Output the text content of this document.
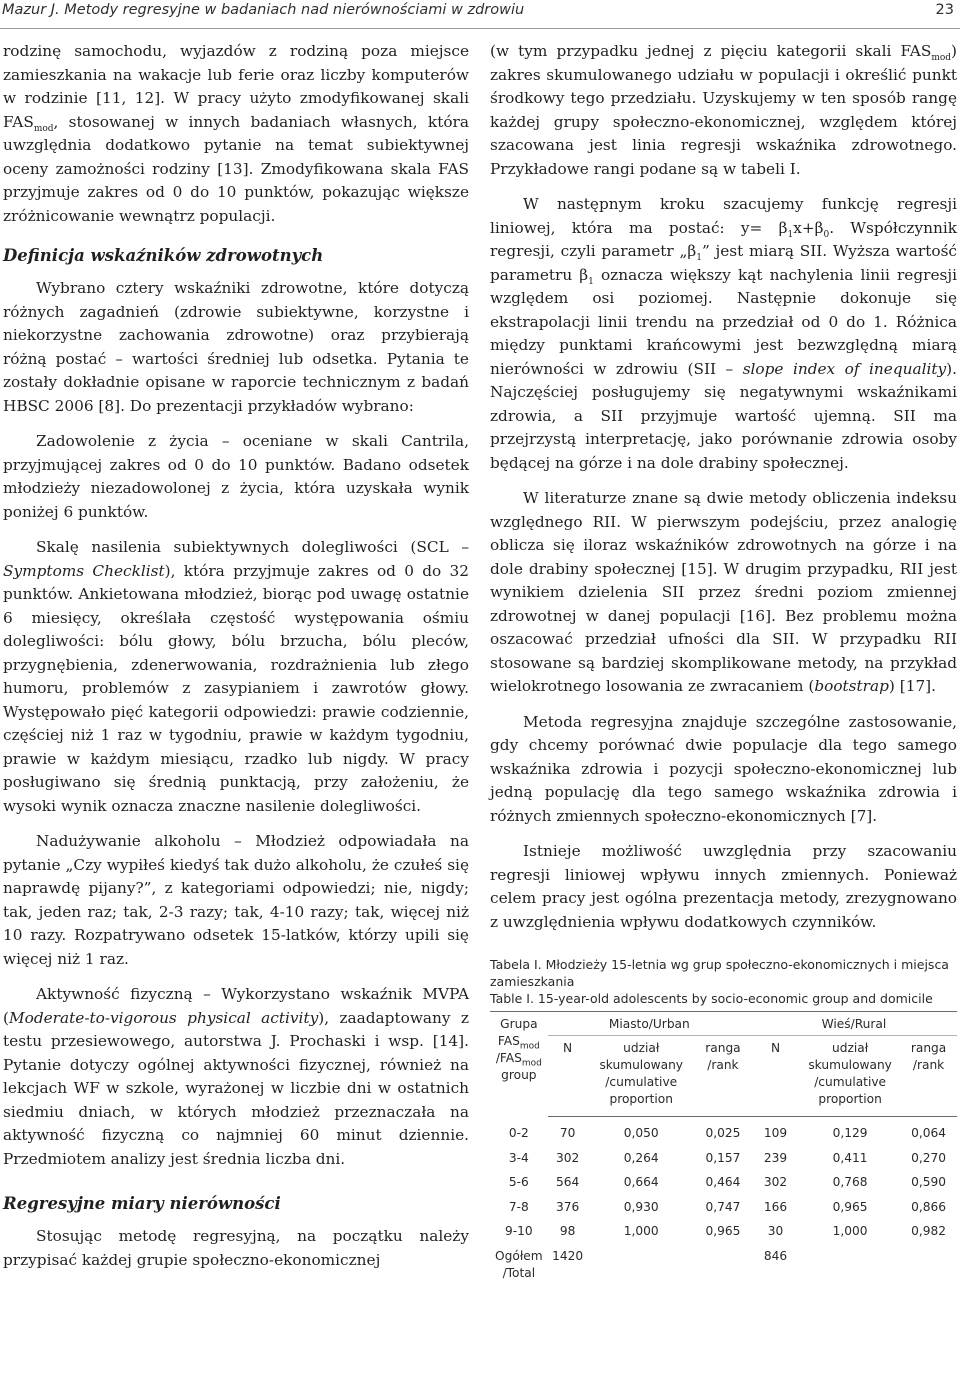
Mazur J. Metody regresyjne w badaniach nad nierównościami w zdrowiu	23

rodzinę samochodu, wyjazdów z rodziną poza miejsce zamieszkania na wakacje lub ferie oraz liczby komputerów w rodzinie [11, 12]. W pracy użyto zmodyfikowanej skali $FAS_{mod}$, stosowanej w innych badaniach własnych, która uwzględnia dodatkowo pytanie na temat subiektywnej oceny zamożności rodziny [13]. Zmodyfikowana skala FAS przyjmuje zakres od 0 do 10 punktów, pokazując większe zróżnicowanie wewnątrz populacji.

Definicja wskaźników zdrowotnych

Wybrano cztery wskaźniki zdrowotne, które dotyczą różnych zagadnień (zdrowie subiektywne, korzystne i niekorzystne zachowania zdrowotne) oraz przybierają różną postać – wartości średniej lub odsetka. Pytania te zostały dokładnie opisane w raporcie technicznym z badań HBSC 2006 [8]. Do prezentacji przykładów wybrano:

Zadowolenie z życia – oceniane w skali Cantrila, przyjmującej zakres od 0 do 10 punktów. Badano odsetek młodzieży niezadowolonej z życia, która uzyskała wynik poniżej 6 punktów.

Skalę nasilenia subiektywnych dolegliwości (SCL – Symptoms Checklist), która przyjmuje zakres od 0 do 32 punktów. Ankietowana młodzież, biorąc pod uwagę ostatnie 6 miesięcy, określała częstość występowania ośmiu dolegliwości: bólu głowy, bólu brzucha, bólu pleców, przygnębienia, zdenerwowania, rozdrażnienia lub złego humoru, problemów z zasypianiem i zawrotów głowy. Występowało pięć kategorii odpowiedzi: prawie codziennie, częściej niż 1 raz w tygodniu, prawie w każdym tygodniu, prawie w każdym miesiącu, rzadko lub nigdy. W pracy posługiwano się średnią punktacją, przy założeniu, że wysoki wynik oznacza znaczne nasilenie dolegliwości.

Nadużywanie alkoholu – Młodzież odpowiadała na pytanie „Czy wypiłeś kiedyś tak dużo alkoholu, że czułeś się naprawdę pijany?”, z kategoriami odpowiedzi; nie, nigdy; tak, jeden raz; tak, 2-3 razy; tak, 4-10 razy; tak, więcej niż 10 razy. Rozpatrywano odsetek 15-latków, którzy upili się więcej niż 1 raz.

Aktywność fizyczną – Wykorzystano wskaźnik MVPA (Moderate-to-vigorous physical activity), zaadaptowany z testu przesiewowego, autorstwa J. Prochaski i wsp. [14]. Pytanie dotyczy ogólnej aktywności fizycznej, również na lekcjach WF w szkole, wyrażonej w liczbie dni w ostatnich siedmiu dniach, w których młodzież przeznaczała na aktywność fizyczną co najmniej 60 minut dziennie. Przedmiotem analizy jest średnia liczba dni.

Regresyjne miary nierówności

Stosując metodę regresyjną, na początku należy przypisać każdej grupie społeczno-ekonomicznej

(w tym przypadku jednej z pięciu kategorii skali $FAS_{mod}$) zakres skumulowanego udziału w populacji i określić punkt środkowy tego przedziału. Uzyskujemy w ten sposób rangę każdej grupy społeczno-ekonomicznej, względem której szacowana jest linia regresji wskaźnika zdrowotnego. Przykładowe rangi podane są w tabeli I.

W następnym kroku szacujemy funkcję regresji liniowej, która ma postać: $y= \beta_1x+\beta_0$. Współczynnik regresji, czyli parametr $„\beta_1$” jest miarą SII. Wyższa wartość parametru $\beta_1$ oznacza większy kąt nachylenia linii regresji względem osi poziomej. Następnie dokonuje się ekstrapolacji linii trendu na przedział od 0 do 1. Różnica między punktami krańcowymi jest bezwzględną miarą nierówności w zdrowiu (SII – slope index of inequality). Najczęściej posługujemy się negatywnymi wskaźnikami zdrowia, a SII przyjmuje wartość ujemną. SII ma przejrzystą interpretację, jako porównanie zdrowia osoby będącej na górze i na dole drabiny społecznej.

W literaturze znane są dwie metody obliczenia indeksu względnego RII. W pierwszym podejściu, przez analogię oblicza się iloraz wskaźników zdrowotnych na górze i na dole drabiny społecznej [15]. W drugim przypadku, RII jest wynikiem dzielenia SII przez średni poziom zmiennej zdrowotnej w danej populacji [16]. Bez problemu można oszacować przedział ufności dla SII. W przypadku RII stosowane są bardziej skomplikowane metody, na przykład wielokrotnego losowania ze zwracaniem (bootstrap) [17].

Metoda regresyjna znajduje szczególne zastosowanie, gdy chcemy porównać dwie populacje dla tego samego wskaźnika zdrowia i pozycji społeczno-ekonomicznej lub jedną populację dla tego samego wskaźnika zdrowia i różnych zmiennych społeczno-ekonomicznych [7].

Istnieje możliwość uwzględnia przy szacowaniu regresji liniowej wpływu innych zmiennych. Ponieważ celem pracy jest ogólna prezentacja metody, zrezygnowano z uwzględnienia wpływu dodatkowych czynników.

Tabela I. Młodzieży 15-letnia wg grup społeczno-ekonomicznych i miejsca zamieszkania
Table I. 15-year-old adolescents by socio-economic group and domicile
Grupa
$FAS_{mod}$
$/FAS_{mod}$
group	Miasto/Urban			Wieś/Rural		
	N	udział skumulowany /cumulative proportion	ranga /rank	N	udział skumulowany /cumulative proportion	ranga /rank
0-2	70	0,050	0,025	109	0,129	0,064
3-4	302	0,264	0,157	239	0,411	0,270
5-6	564	0,664	0,464	302	0,768	0,590
7-8	376	0,930	0,747	166	0,965	0,866
9-10	98	1,000	0,965	30	1,000	0,982
Ogółem /Total	1420			846		
